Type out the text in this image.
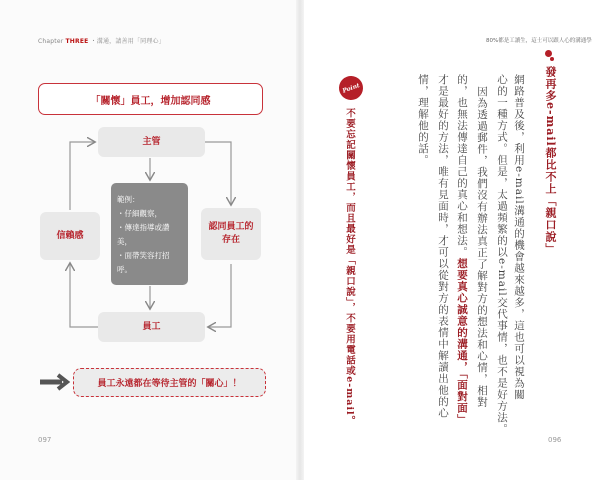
Chapter THREE ・溝通，請善用「同理心」	80%都是工讀生，這士可以跟人心的溝通學
「關懷」員工，增加認同感
主管
信賴感
認同員工的
存在
員工
範例：
・仔細觀察，
・傳達指導或讚美，
・面帶笑容打招呼。
員工永遠都在等待主管的「關心」！
097	096
發再多e-mail都比不上「親口說」
網路普及後，利用e-mail溝通的機會越來越多，這也可以視為關
心的一種方式。但是，太過頻繁的以e-mail交代事情，也不是好方法。
因為透過郵件，我們沒有辦法真正了解對方的想法和心情，相對
的，也無法傳達自己的真心和想法。想要真心誠意的溝通，「面對面」
才是最好的方法，唯有見面時，才可以從對方的表情中解讀出他的心
情，理解他的話。
Point
不要忘記關懷員工，而且最好是「親口說」，不要用電話或e-mail。
